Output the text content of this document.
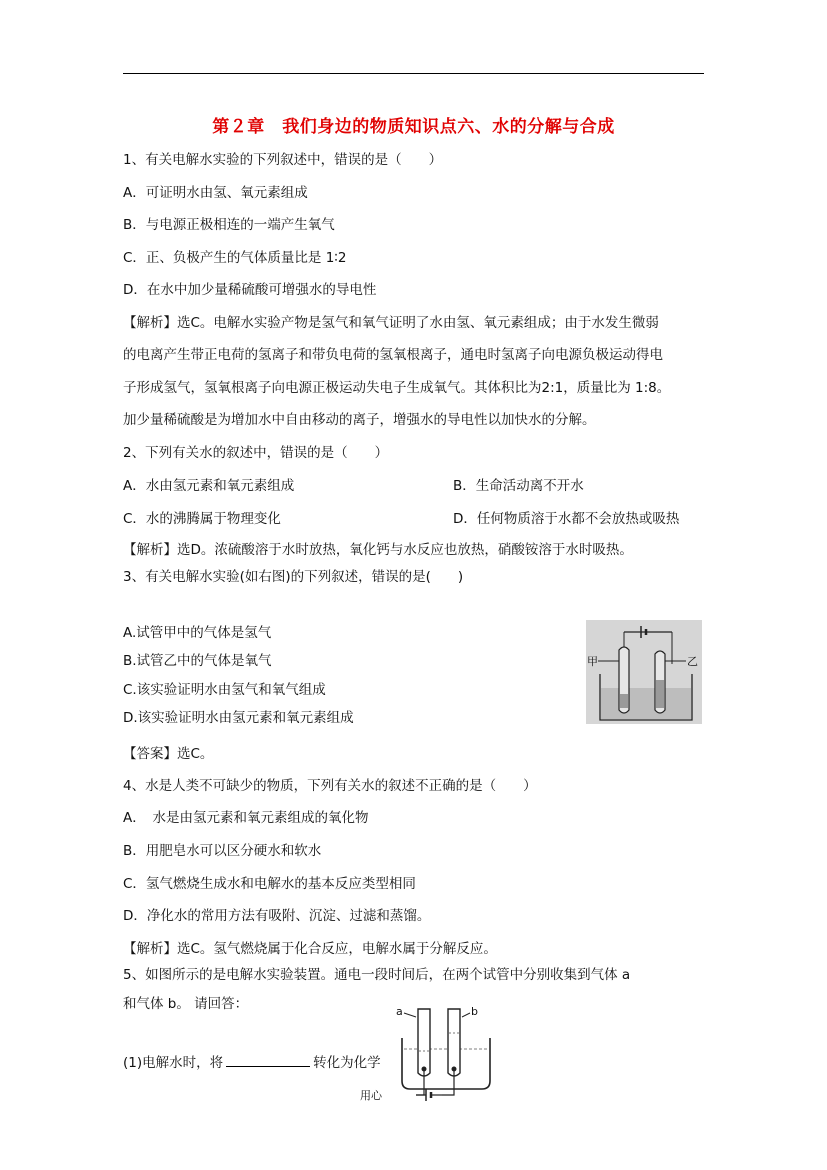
第２章　我们身边的物质知识点六、水的分解与合成
1、有关电解水实验的下列叙述中，错误的是（　　）
A．可证明水由氢、氧元素组成
B．与电源正极相连的一端产生氧气
C．正、负极产生的气体质量比是 1∶2
D．在水中加少量稀硫酸可增强水的导电性
【解析】选C。电解水实验产物是氢气和氧气证明了水由氢、氧元素组成；由于水发生微弱
的电离产生带正电荷的氢离子和带负电荷的氢氧根离子，通电时氢离子向电源负极运动得电
子形成氢气，氢氧根离子向电源正极运动失电子生成氧气。其体积比为2:1，质量比为 1:8。
加少量稀硫酸是为增加水中自由移动的离子，增强水的导电性以加快水的分解。
2、下列有关水的叙述中，错误的是（　　）
A．水由氢元素和氧元素组成	B．生命活动离不开水
C．水的沸腾属于物理变化	D．任何物质溶于水都不会放热或吸热
【解析】选D。浓硫酸溶于水时放热，氧化钙与水反应也放热，硝酸铵溶于水时吸热。
3、有关电解水实验(如右图)的下列叙述，错误的是(　　)
A.试管甲中的气体是氢气
B.试管乙中的气体是氧气
C.该实验证明水由氢气和氧气组成
D.该实验证明水由氢元素和氧元素组成
【答案】选C。
甲	乙
4、水是人类不可缺少的物质，下列有关水的叙述不正确的是（　　）
A．　水是由氢元素和氧元素组成的氧化物
B．用肥皂水可以区分硬水和软水
C．氢气燃烧生成水和电解水的基本反应类型相同
D．净化水的常用方法有吸附、沉淀、过滤和蒸馏。
【解析】选C。氢气燃烧属于化合反应，电解水属于分解反应。
5、如图所示的是电解水实验装置。通电一段时间后，在两个试管中分别收集到气体 a
和气体 b。 请回答：
(1)电解水时，将	转化为化学
a	b
用心
